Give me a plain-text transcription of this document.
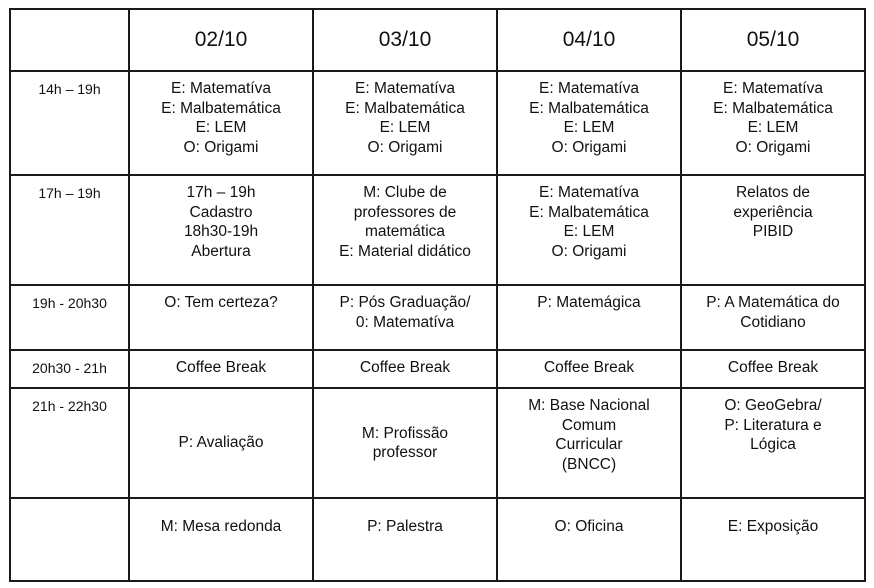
	02/10	03/10	04/10	05/10
14h – 19h	E: Matematíva
E: Malbatemática
E: LEM
O: Origami	E: Matematíva
E: Malbatemática
E: LEM
O: Origami	E: Matematíva
E: Malbatemática
E: LEM
O: Origami	E: Matematíva
E: Malbatemática
E: LEM
O: Origami

17h – 19h	17h – 19h
Cadastro
18h30-19h
Abertura	M: Clube de
professores de
matemática
E: Material didático	E: Matematíva
E: Malbatemática
E: LEM
O: Origami	Relatos de
experiência
PIBID

19h - 20h30	O: Tem certeza?	P: Pós Graduação/
0: Matematíva	P: Matemágica	P: A Matemática do
Cotidiano

20h30 - 21h	Coffee Break	Coffee Break	Coffee Break	Coffee Break

21h - 22h30	P: Avaliação	M: Profissão
professor	M: Base Nacional
Comum
Curricular
(BNCC)	O: GeoGebra/
P: Literatura e
Lógica

	M: Mesa redonda	P: Palestra	O: Oficina	E: Exposição
